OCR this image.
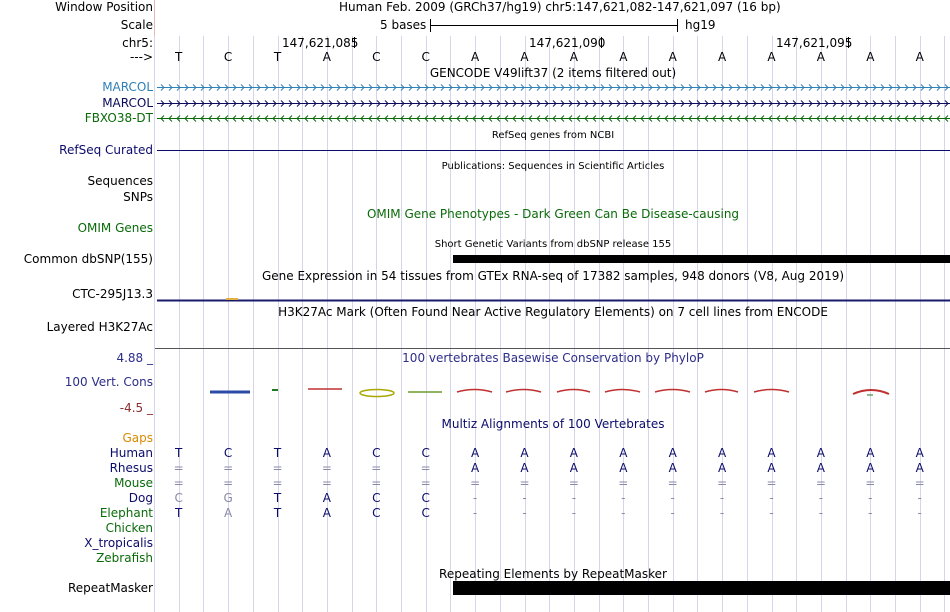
Window Position	Human Feb. 2009 (GRCh37/hg19) chr5:147,621,082-147,621,097 (16 bp)
Scale	5 bases	hg19
chr5:	147,621,085	147,621,090	147,621,095
--->	T	C	T	A	C	C	A	A	A	A	A	A	A	A	A	A
GENCODE V49lift37 (2 items filtered out)
MARCOL
MARCOL
FBXO38-DT
RefSeq genes from NCBI
RefSeq Curated
Publications: Sequences in Scientific Articles
Sequences
SNPs
OMIM Gene Phenotypes - Dark Green Can Be Disease-causing
OMIM Genes
Short Genetic Variants from dbSNP release 155
Common dbSNP(155)
Gene Expression in 54 tissues from GTEx RNA-seq of 17382 samples, 948 donors (V8, Aug 2019)
CTC-295J13.3
H3K27Ac Mark (Often Found Near Active Regulatory Elements) on 7 cell lines from ENCODE
Layered H3K27Ac
100 vertebrates Basewise Conservation by PhyloP
4.88 _
100 Vert. Cons
-4.5 _
Multiz Alignments of 100 Vertebrates
Gaps
Human	T	C	T	A	C	C	A	A	A	A	A	A	A	A	A	A
Rhesus	=	=	=	=	=	=	A	A	A	A	A	A	A	A	A	A
Mouse	=	=	=	=	=	=	=	=	=	=	=	=	=	=	=	=
Dog	C	G	T	A	C	C	-	-	-	-	-	-	-	-	-	-
Elephant	T	A	T	A	C	C	-	-	-	-	-	-	-	-	-	-
Chicken
X_tropicalis
Zebrafish
Repeating Elements by RepeatMasker
RepeatMasker
